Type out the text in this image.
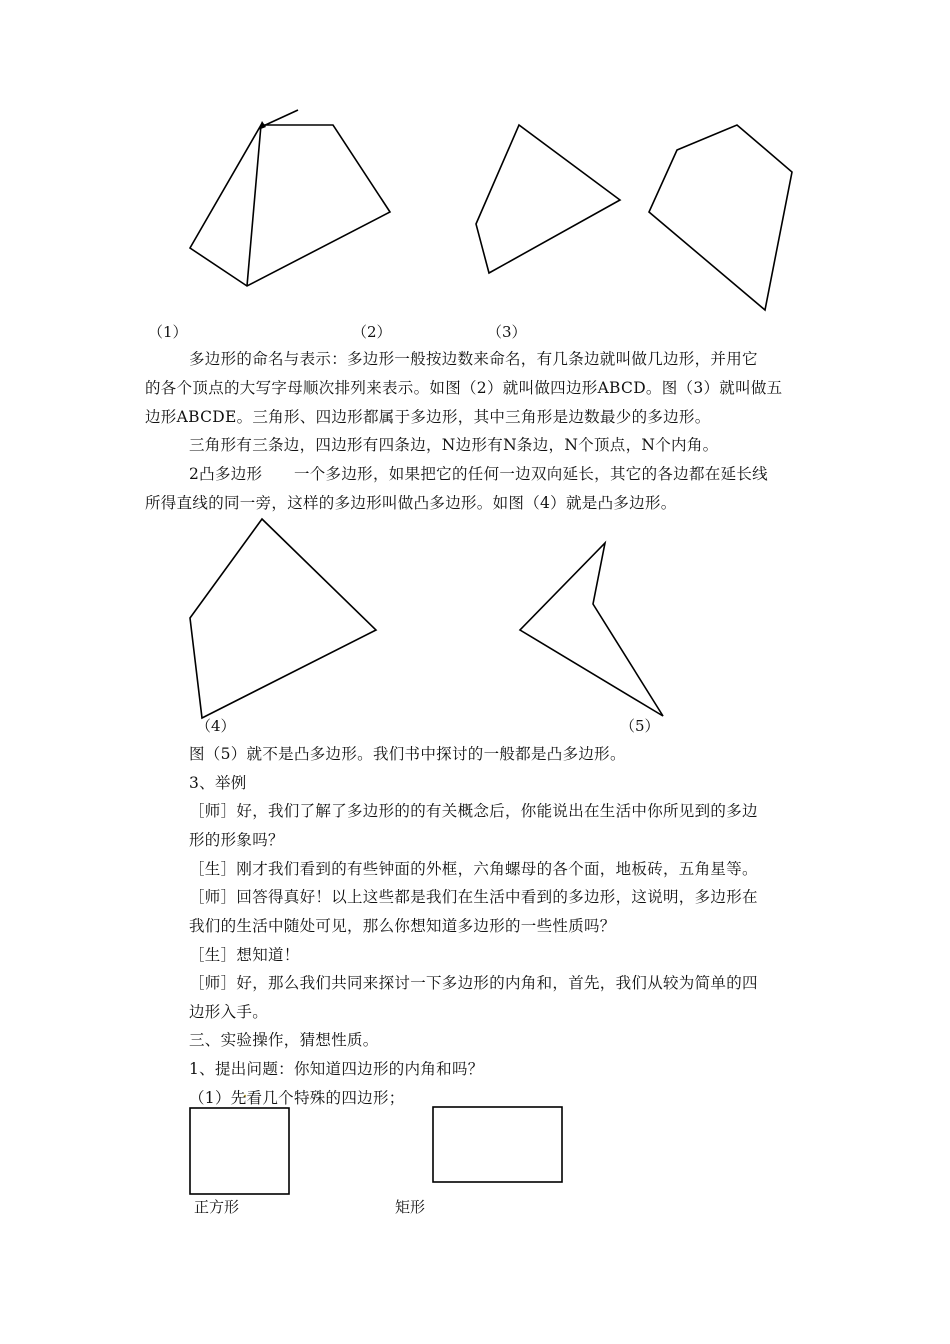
（1）	（2）	（3）
多边形的命名与表示：多边形一般按边数来命名，有几条边就叫做几边形，并用它
的各个顶点的大写字母顺次排列来表示。如图（2）就叫做四边形ABCD。图（3）就叫做五
边形ABCDE。三角形、四边形都属于多边形，其中三角形是边数最少的多边形。
三角形有三条边，四边形有四条边，N边形有N条边，N个顶点，N个内角。
2凸多边形　　一个多边形，如果把它的任何一边双向延长，其它的各边都在延长线
所得直线的同一旁，这样的多边形叫做凸多边形。如图（4）就是凸多边形。
（4）	（5）
图（5）就不是凸多边形。我们书中探讨的一般都是凸多边形。
3、举例
［师］好，我们了解了多边形的的有关概念后，你能说出在生活中你所见到的多边
形的形象吗？
［生］刚才我们看到的有些钟面的外框，六角螺母的各个面，地板砖，五角星等。
［师］回答得真好！以上这些都是我们在生活中看到的多边形，这说明，多边形在
我们的生活中随处可见，那么你想知道多边形的一些性质吗？
［生］想知道！
［师］好，那么我们共同来探讨一下多边形的内角和，首先，我们从较为简单的四
边形入手。
三、实验操作，猜想性质。
1、提出问题：你知道四边形的内角和吗？
（1）先看几个特殊的四边形；
正方形	矩形
